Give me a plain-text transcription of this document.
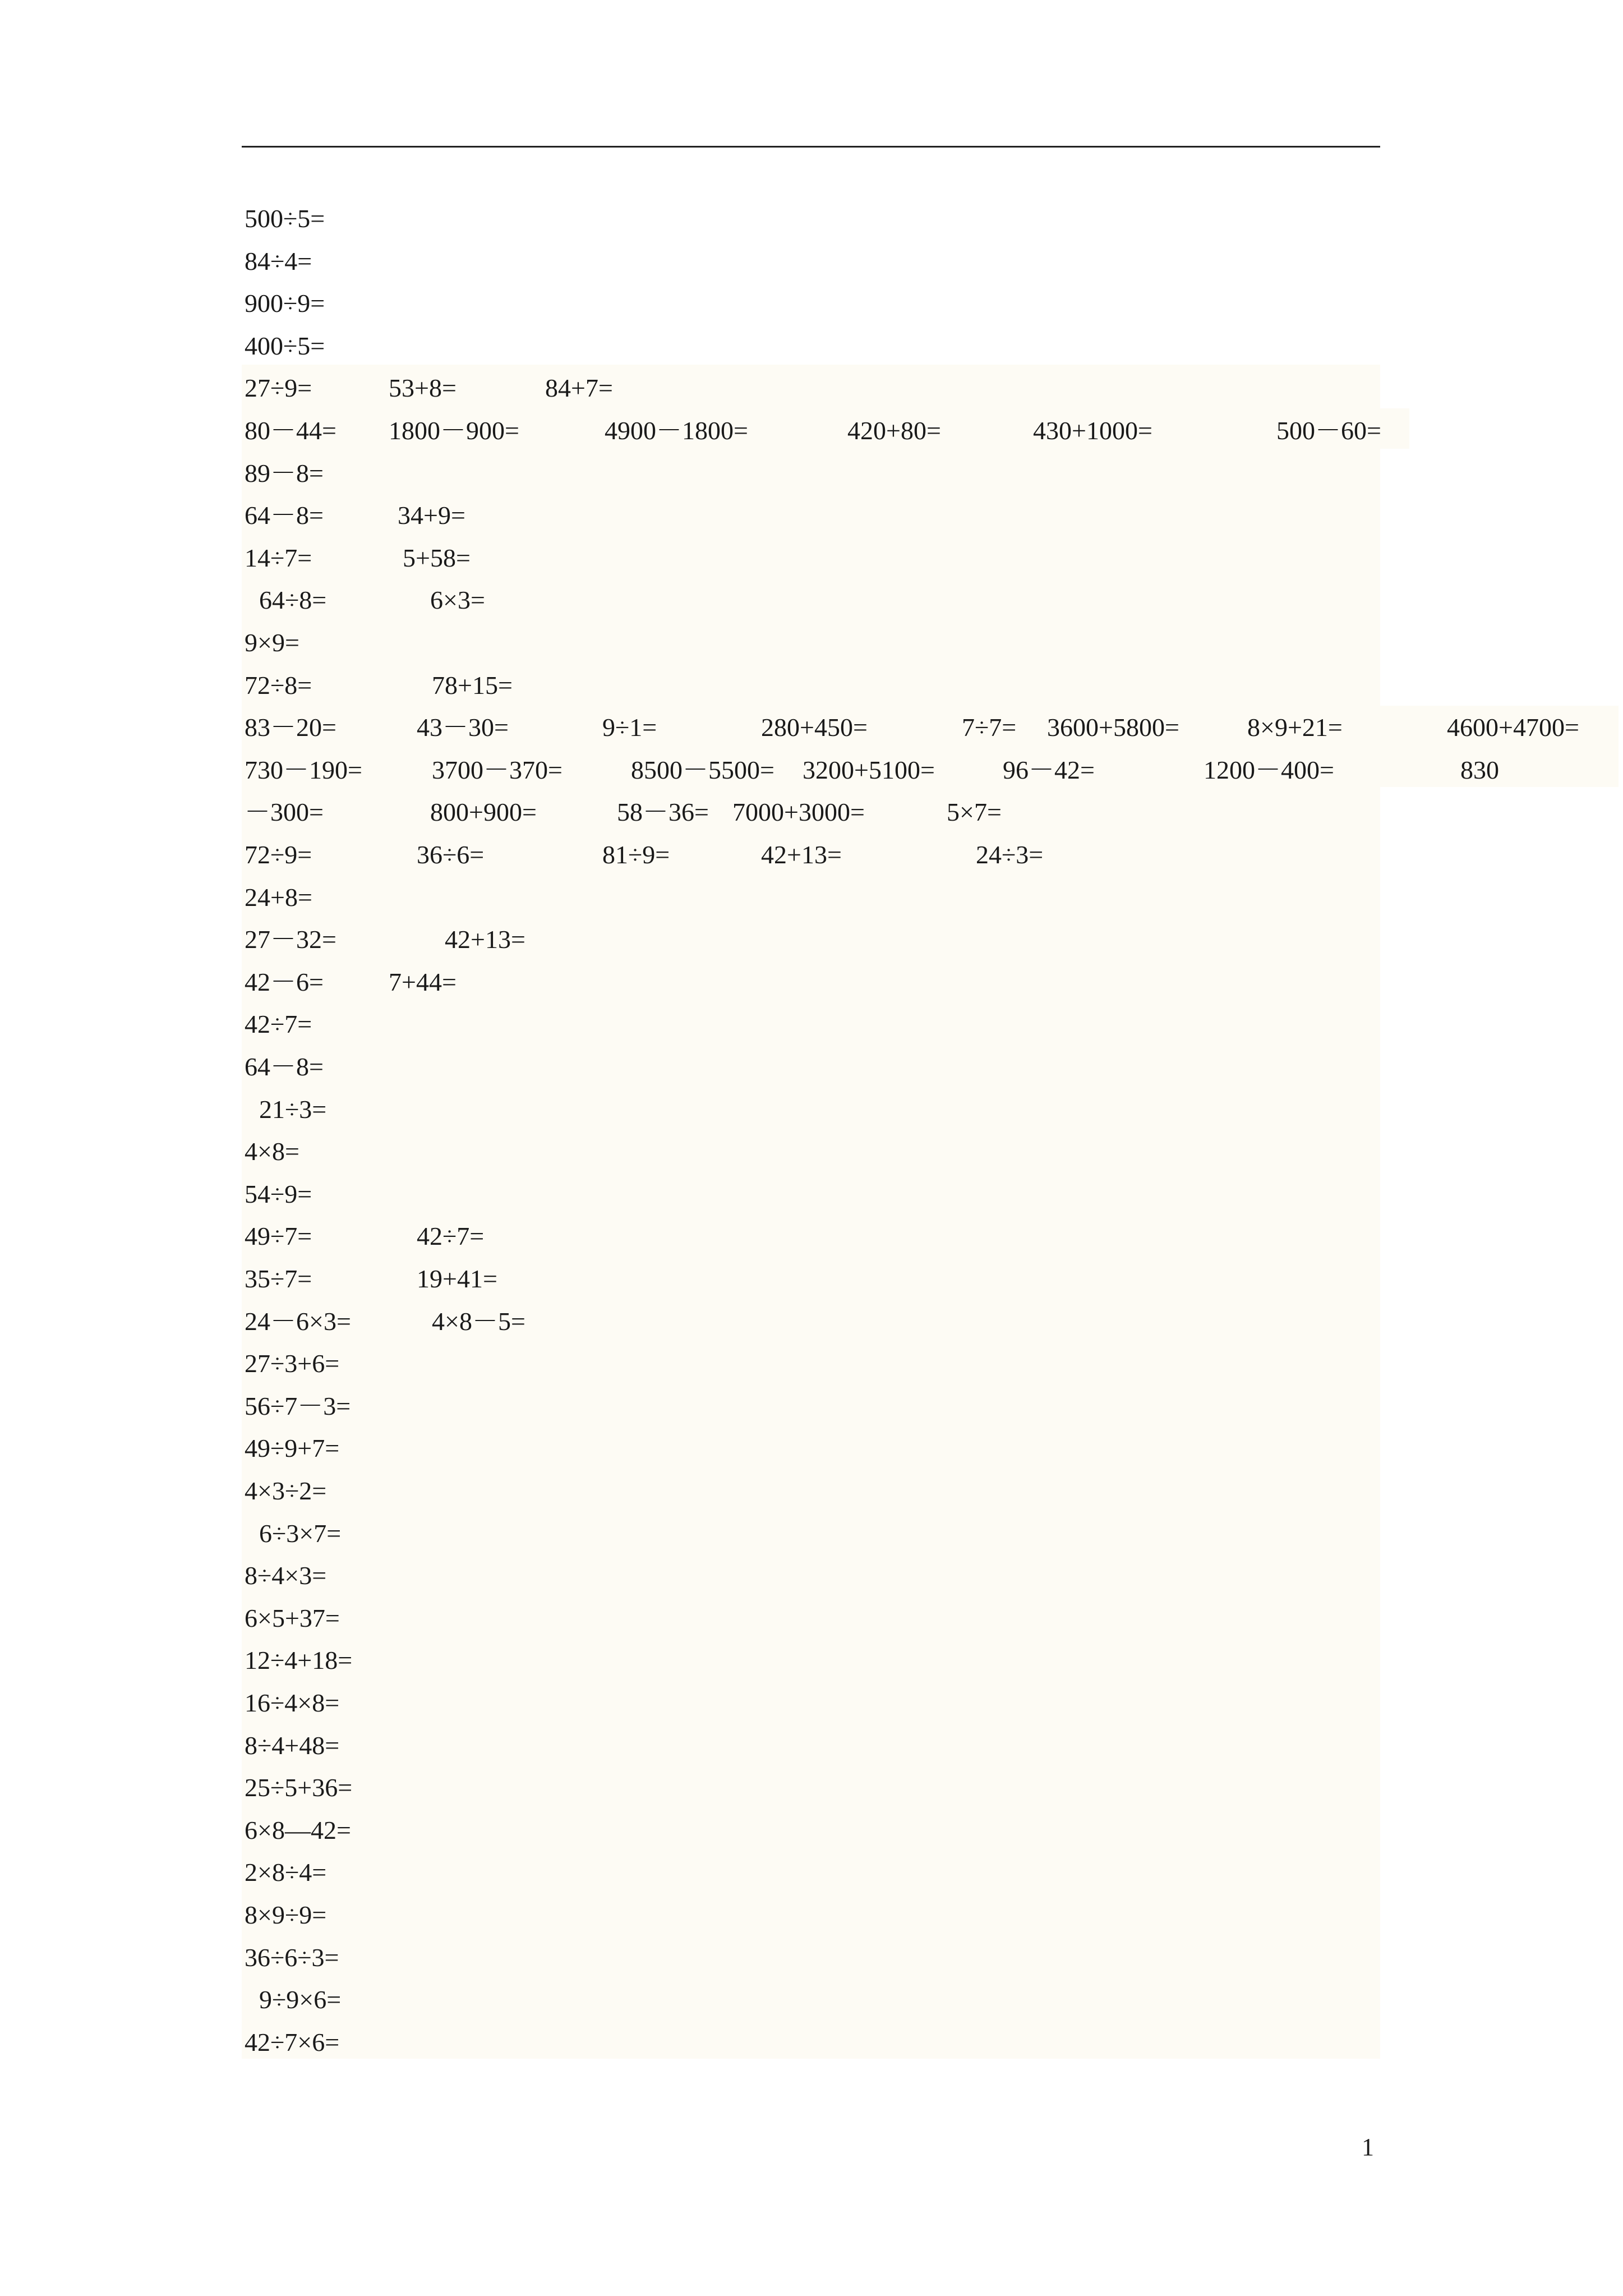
500÷5=
84÷4=
900÷9=
400÷5=
27÷9=	53+8=	84+7=
80－44= 1800－900=	4900－1800=	420+80=	430+1000=	500－60=
89－8=
64－8=	34+9=
14÷7=	5+58=
64÷8=	6×3=
9×9=
72÷8=	78+15=
83－20=	43－30=	9÷1=	280+450=	7÷7= 3600+5800=	8×9+21=	4600+4700=
730－190=	3700－370=	8500－5500= 3200+5100=	96－42=	1200－400=	830
－300=	800+900=	58－36= 7000+3000=	5×7=
72÷9=	36÷6=	81÷9=	42+13=	24÷3=
24+8=
27－32=	42+13=
42－6=	7+44=
42÷7=
64－8=
21÷3=
4×8=
54÷9=
49÷7=	42÷7=
35÷7=	19+41=
24－6×3=	4×8－5=
27÷3+6=
56÷7－3=
49÷9+7=
4×3÷2=
6÷3×7=
8÷4×3=
6×5+37=
12÷4+18=
16÷4×8=
8÷4+48=
25÷5+36=
6×8—42=
2×8÷4=
8×9÷9=
36÷6÷3=
9÷9×6=
42÷7×6=
1
